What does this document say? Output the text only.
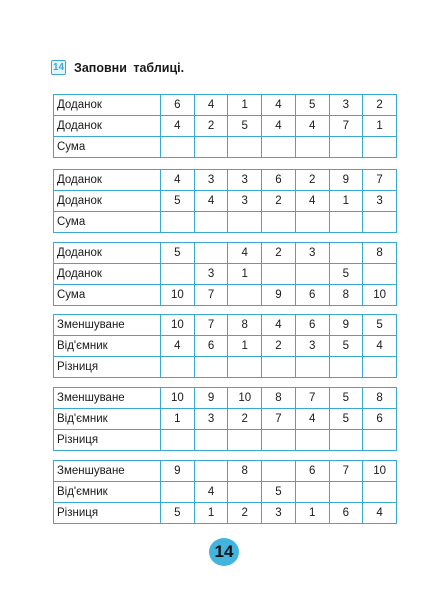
14 Заповни таблиці.
Доданок	6	4	1	4	5	3	2
Доданок	4	2	5	4	4	7	1
Сума							
Доданок	4	3	3	6	2	9	7
Доданок	5	4	3	2	4	1	3
Сума							
Доданок	5		4	2	3		8
Доданок		3	1			5	
Сума	10	7		9	6	8	10
Зменшуване	10	7	8	4	6	9	5
Від'ємник	4	6	1	2	3	5	4
Різниця							
Зменшуване	10	9	10	8	7	5	8
Від'ємник	1	3	2	7	4	5	6
Різниця							
Зменшуване	9		8		6	7	10
Від'ємник		4		5			
Різниця	5	1	2	3	1	6	4
14
